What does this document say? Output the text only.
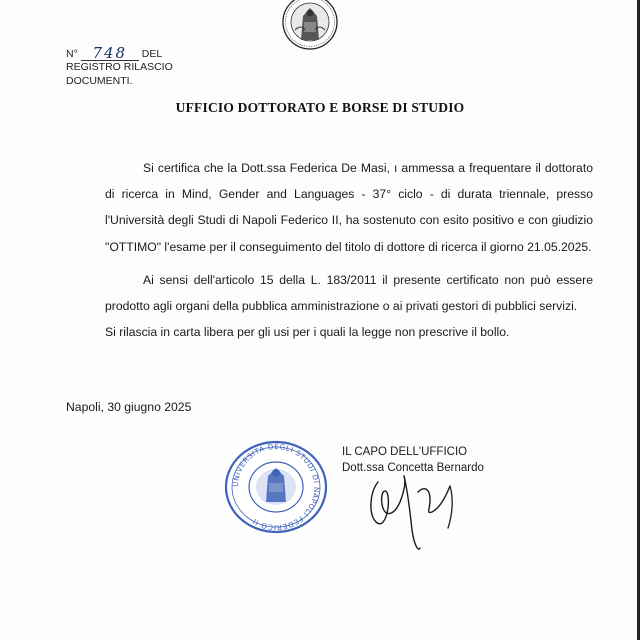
N° 748	DEL
REGISTRO RILASCIO
DOCUMENTI.
UFFICIO DOTTORATO E BORSE DI STUDIO

Si certifica che la Dott.ssa Federica De Masi, ı ammessa a frequentare il dottorato di ricerca in Mind, Gender and Languages - 37° ciclo - di durata triennale, presso l'Università degli Studi di Napoli Federico II, ha sostenuto con esito positivo e con giudizio "OTTIMO" l'esame per il conseguimento del titolo di dottore di ricerca il giorno 21.05.2025.

Ai sensi dell'articolo 15 della L. 183/2011 il presente certificato non può essere prodotto agli organi della pubblica amministrazione o ai privati gestori di pubblici servizi.

Si rilascia in carta libera per gli usi per i quali la legge non prescrive il bollo.

Napoli, 30 giugno 2025
UNIVERSITA DEGLI STUDI DI NAPOLI FEDERICO II
IL CAPO DELL'UFFICIO
Dott.ssa Concetta Bernardo
